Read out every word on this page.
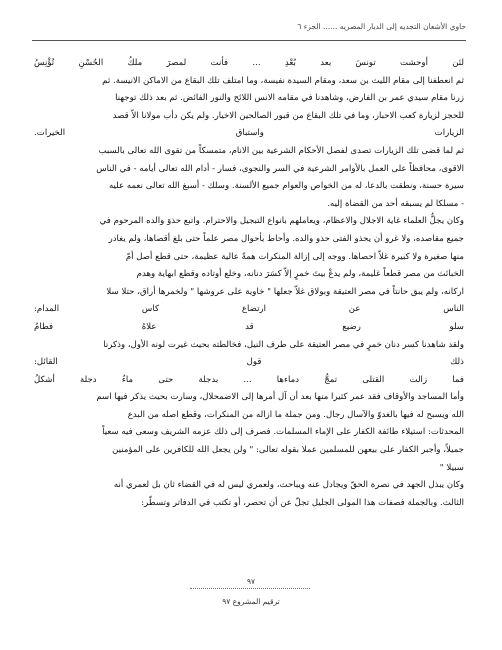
حاوي الأشعان التجديه إلى الديار المصريه ...... الجزء ٦

لئن أوحشت تونسَ بعد بُعْدِ ... فأنت لمصرَ ملكُ الحُسْنِ تُؤْنِسُ

ثم انعطفنا إلى مقام الليث بن سعد، ومقام السيدة نفيسة، وما امتلف تلك البقاع من الاماكن الانيسة. ثم

زرنا مقام سيدي عمر بن الفارض، وشاهدنا في مقامه الانس اللائح والنور الفائض. ثم بعد ذلك توجهنا

للحجز لزيارة كعب الاحبار، وما في تلك البقاع من قبور الصالحين الاخيار. ولم يكن دأب مولانا الاّ قصد

الزيارات واستباق الخيرات.

ثم لما قضى تلك الزيارات تصدى لفصل الأحكام الشرعية بين الانام، متمسكاً من تقوى الله تعالى بالسبب

الاقوى، محافظاً على العمل بالأوامر الشرعية في السر والنجوى، فسار - أدام الله تعالى أيامه - في الناس

سيرة حسنة، ونطقت بالدعا، له من الخواص والعوام جميع الألسنة. وسلك - أسبغ الله تعالى نعمه عليه

- مسلكا لم يسبقه أحد من القضاة إليه.

وكان يجلُّ العلماء غاية الاجلال والاعظام، ويعاملهم بانواع التبجيل والاحترام. واتبع حذوَ والده المرحوم في

جميع مقاصده، ولا غرو أن يحذو الفتى حذو والده. وأحاط بأحوال مصر علماً حتى بلغ أقصاها، ولم يغادر

منها صغيرة ولا كبيرة غلاّ احصاها. ووجه إلى إزالة المنكرات همةً عالية عظيمة، حتى قطع أصل أمّ

الخبائث من مصر قطعاً غليمة، ولم يدعْ بيتَ خمرٍ إلاّ كسَرَ دنانه، وخلع أوتاده وقطع ابهاية وهدم

اركانه، ولم يبق حانتاً في مصر العتيقة وبولاق غلاّ جعلها " خاوية على عروشها " ولخمرها أراق، حتلا سلا

الناس عن ارتضاع كاس المدام:

سلو رضيع قد علاهُ فطامُ

ولقد شاهدنا كسر دنان خمرٍ في مصر العتيقة على طرف النيل، فخالطته بحيث غيرت لونه الأول، وذكرنا

ذلك قول القائل:

فما زالت القتلى تمجُّ دماءها ... بدجلة حتى ماءُ دجلة أشكلُ

وأما المساجد والأوقاف فقد عمر كثيرا منها بعد أن آل أمرها إلى الاضمحلال، وسارت بحيث يذكر فيها اسم

الله ويسبح له فيها بالغدوّ والآسال رجال. ومن جملة ما ازاله من المنكرات، وقطع اصله من البدع

المحدثات: استيلاء طائفة الكفار على الإماء المسلمات. فصرف إلى ذلك عزمه الشريف وسعى فيه سعياً

جميلاً، وأجبر الكفار على بيعهن للمسلمين عملا بقوله تعالى: " ولن يجعل الله للكافرين على المؤمنين

سبيلا "

وكان يبذل الجهد في نصرة الحقّ ويجادل عنه ويباحث، ولعمري ليس له في القضاء ثان بل لعمري أنه

الثالث. وبالجملة فصفات هذا المولى الجليل تجلّ عن أن تحصر، أو تكتب في الدفاتر وتسطّر:

٩٧
ترقيم المشروع ٩٧
